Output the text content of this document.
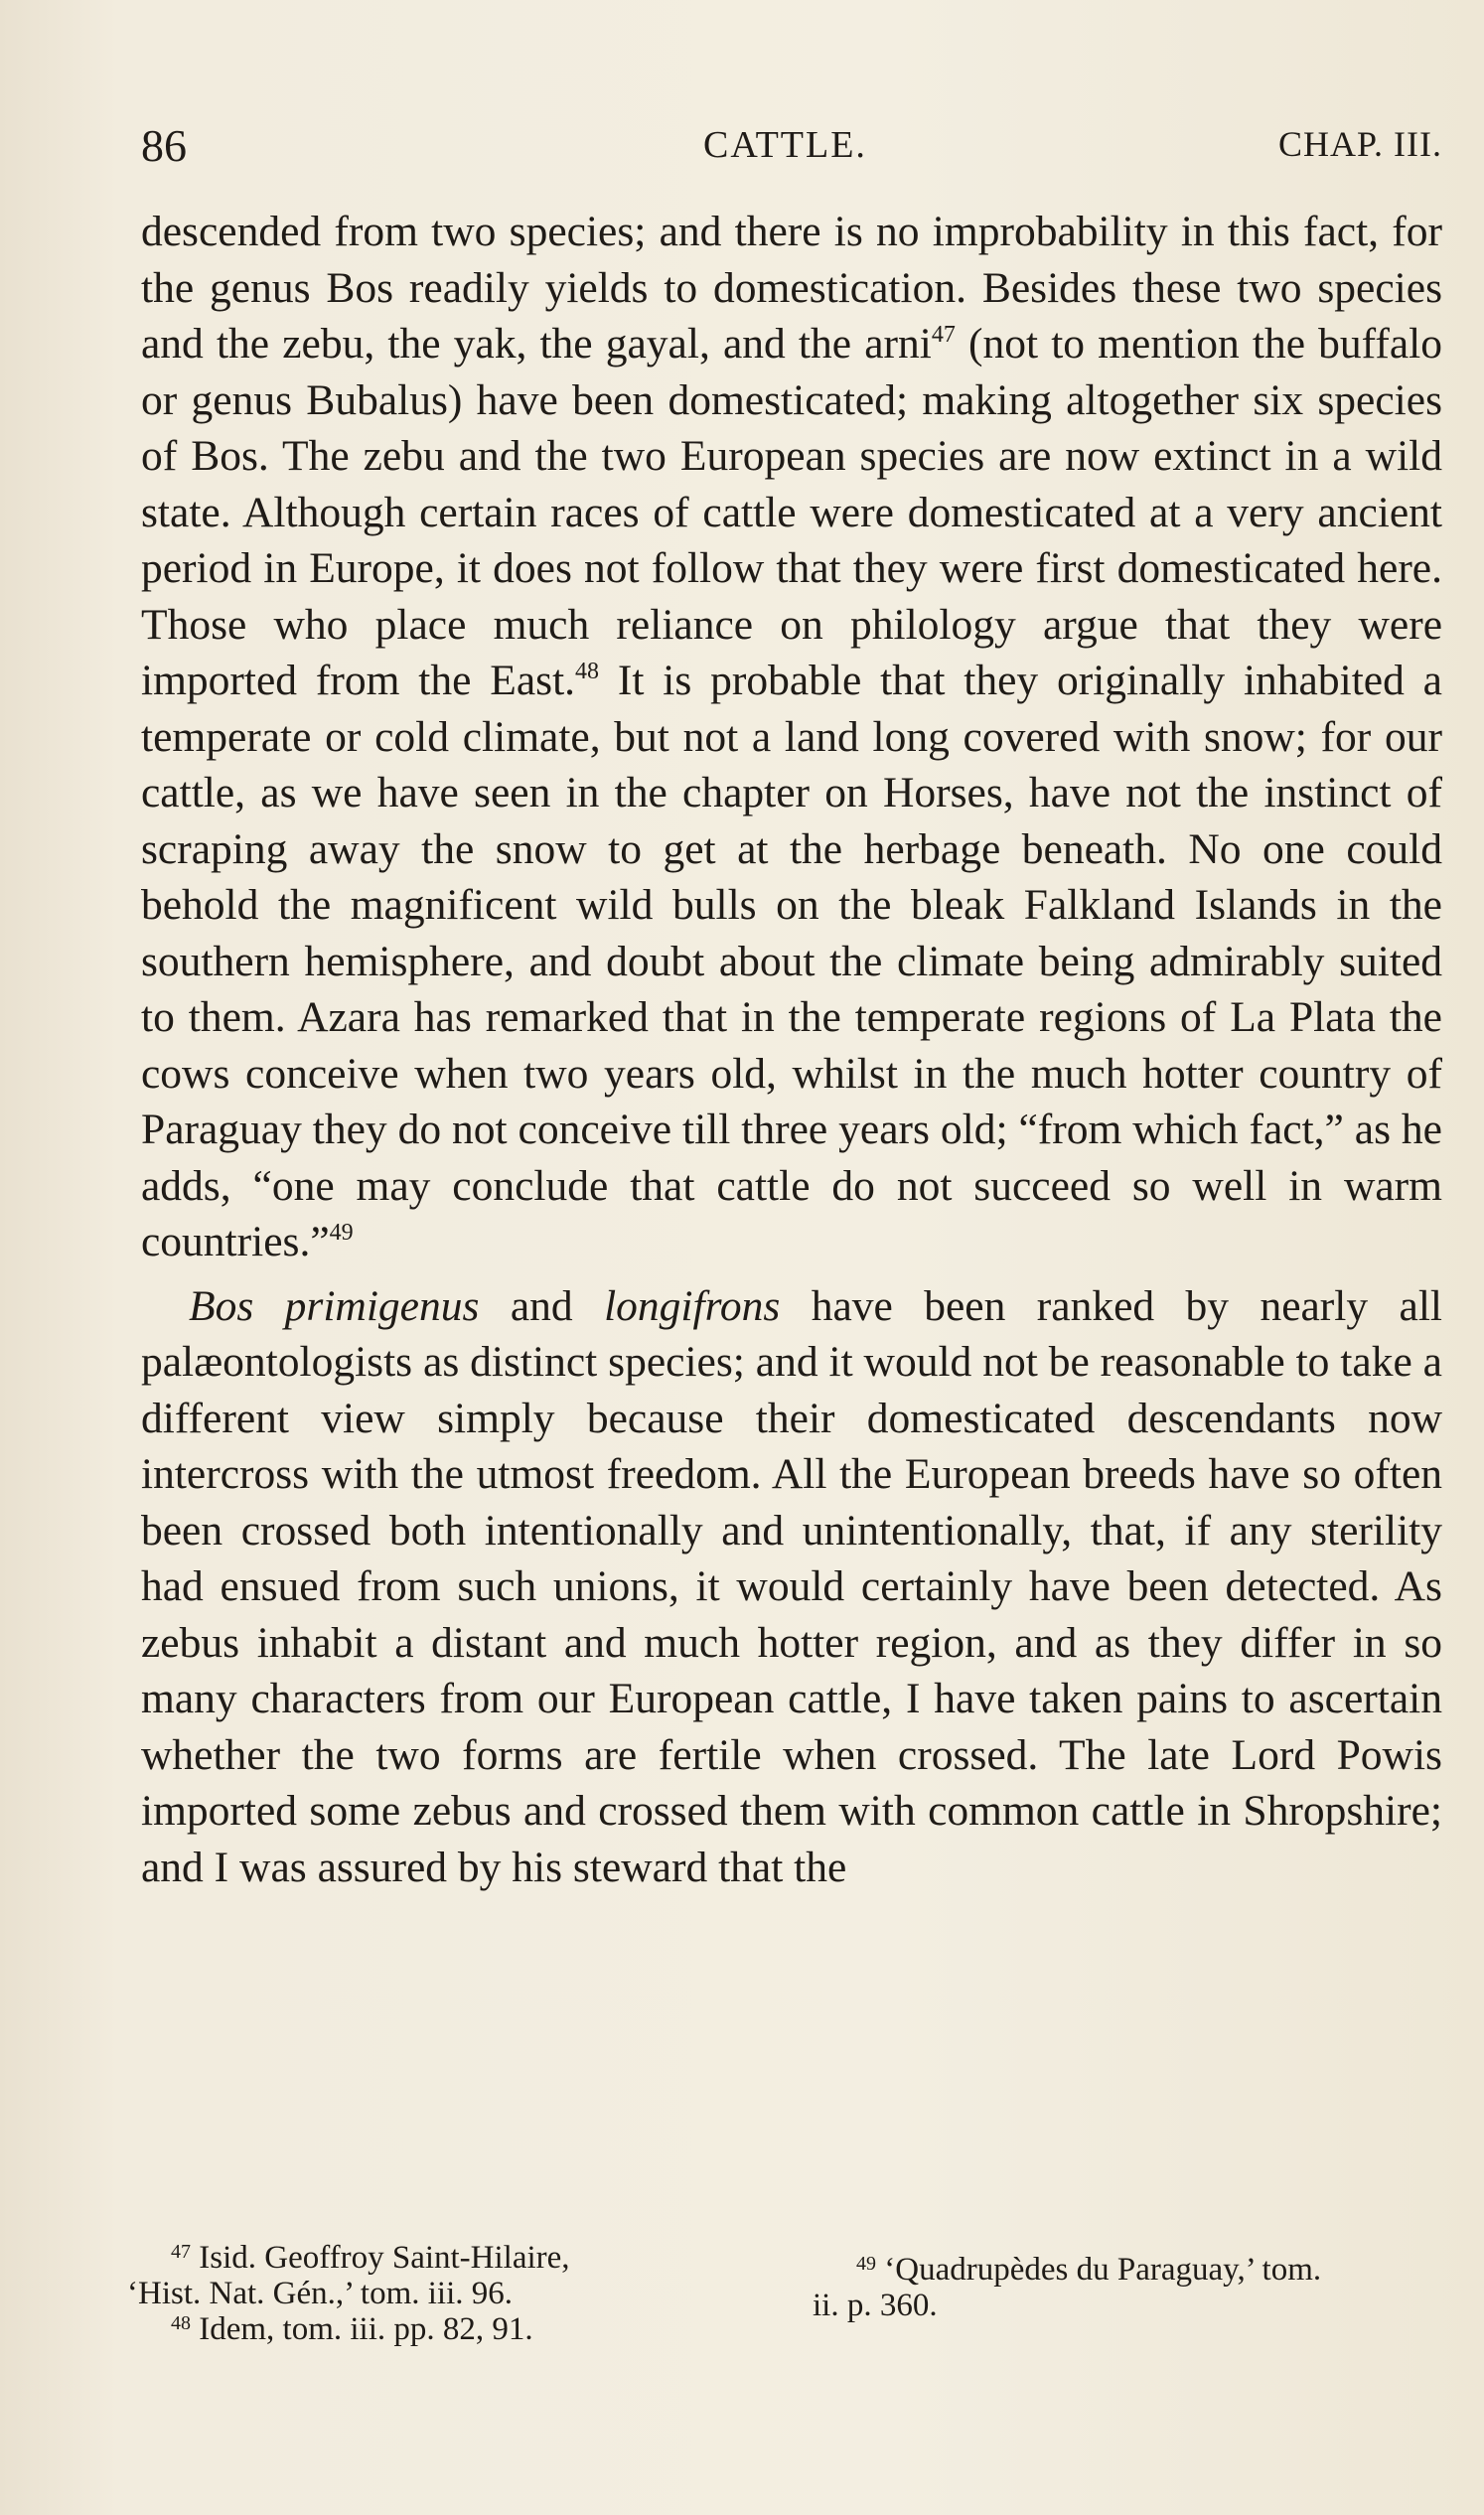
86	CATTLE.	CHAP. III.

descended from two species; and there is no improbability in this fact, for the genus Bos readily yields to domestication. Besides these two species and the zebu, the yak, the gayal, and the arni$^{47}$ (not to mention the buffalo or genus Bubalus) have been domesticated; making altogether six species of Bos. The zebu and the two European species are now extinct in a wild state. Although certain races of cattle were domesticated at a very ancient period in Europe, it does not follow that they were first domesticated here. Those who place much reliance on philology argue that they were imported from the East.$^{48}$ It is probable that they originally inhabited a temperate or cold climate, but not a land long covered with snow; for our cattle, as we have seen in the chapter on Horses, have not the instinct of scraping away the snow to get at the herbage beneath. No one could behold the magnificent wild bulls on the bleak Falkland Islands in the southern hemisphere, and doubt about the climate being admirably suited to them. Azara has remarked that in the temperate regions of La Plata the cows conceive when two years old, whilst in the much hotter country of Paraguay they do not conceive till three years old; “from which fact,” as he adds, “one may conclude that cattle do not succeed so well in warm countries.”$^{49}$

Bos primigenus and longifrons have been ranked by nearly all palæontologists as distinct species; and it would not be reasonable to take a different view simply because their domesticated descendants now intercross with the utmost freedom. All the European breeds have so often been crossed both intentionally and unintentionally, that, if any sterility had ensued from such unions, it would certainly have been detected. As zebus inhabit a distant and much hotter region, and as they differ in so many characters from our European cattle, I have taken pains to ascertain whether the two forms are fertile when crossed. The late Lord Powis imported some zebus and crossed them with common cattle in Shropshire; and I was assured by his steward that the

$^{47}$ Isid. Geoffroy Saint-Hilaire,
‘Hist. Nat. Gén.,’ tom. iii. 96.
$^{48}$ Idem, tom. iii. pp. 82, 91.
$^{49}$ ‘Quadrupèdes du Paraguay,’ tom.
ii. p. 360.
